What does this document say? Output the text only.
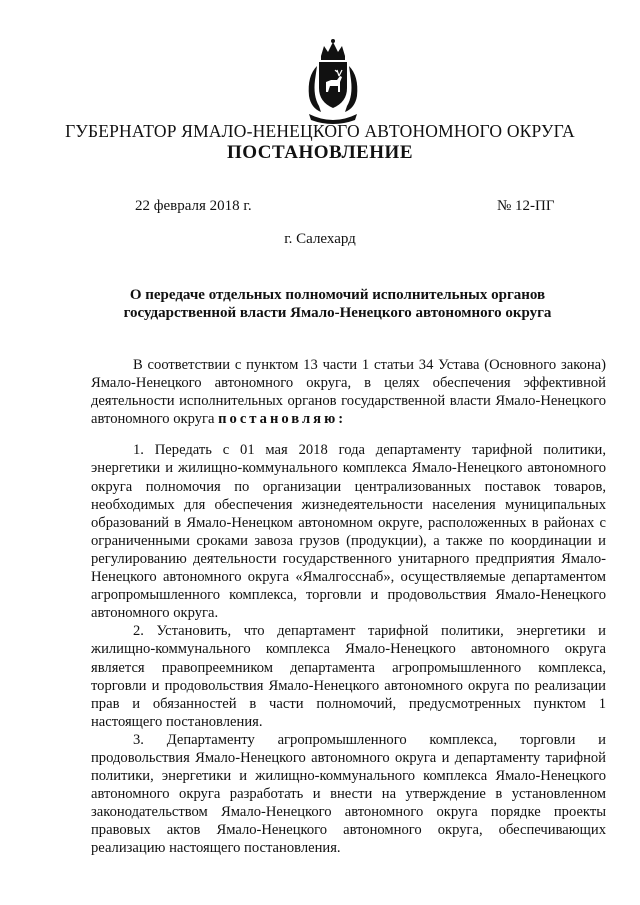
ГУБЕРНАТОР ЯМАЛО-НЕНЕЦКОГО АВТОНОМНОГО ОКРУГА
ПОСТАНОВЛЕНИЕ
22 февраля 2018 г.	№ 12-ПГ
г. Салехард
О передаче отдельных полномочий исполнительных органов
государственной власти Ямало-Ненецкого автономного округа

В соответствии с пунктом 13 части 1 статьи 34 Устава (Основного закона) Ямало-Ненецкого автономного округа, в целях обеспечения эффективной деятельности исполнительных органов государственной власти Ямало-Ненецкого автономного округа постановляю:

1. Передать с 01 мая 2018 года департаменту тарифной политики, энергетики и жилищно-коммунального комплекса Ямало-Ненецкого автономного округа полномочия по организации централизованных поставок товаров, необходимых для обеспечения жизнедеятельности населения муниципальных образований в Ямало-Ненецком автономном округе, расположенных в районах с ограниченными сроками завоза грузов (продукции), а также по координации и регулированию деятельности государственного унитарного предприятия Ямало-Ненецкого автономного округа «Ямалгосснаб», осуществляемые департаментом агропромышленного комплекса, торговли и продовольствия Ямало-Ненецкого автономного округа.

2. Установить, что департамент тарифной политики, энергетики и жилищно-коммунального комплекса Ямало-Ненецкого автономного округа является правопреемником департамента агропромышленного комплекса, торговли и продовольствия Ямало-Ненецкого автономного округа по реализации прав и обязанностей в части полномочий, предусмотренных пунктом 1 настоящего постановления.

3. Департаменту агропромышленного комплекса, торговли и продовольствия Ямало-Ненецкого автономного округа и департаменту тарифной политики, энергетики и жилищно-коммунального комплекса Ямало-Ненецкого автономного округа разработать и внести на утверждение в установленном законодательством Ямало-Ненецкого автономного округа порядке проекты правовых актов Ямало-Ненецкого автономного округа, обеспечивающих реализацию настоящего постановления.
